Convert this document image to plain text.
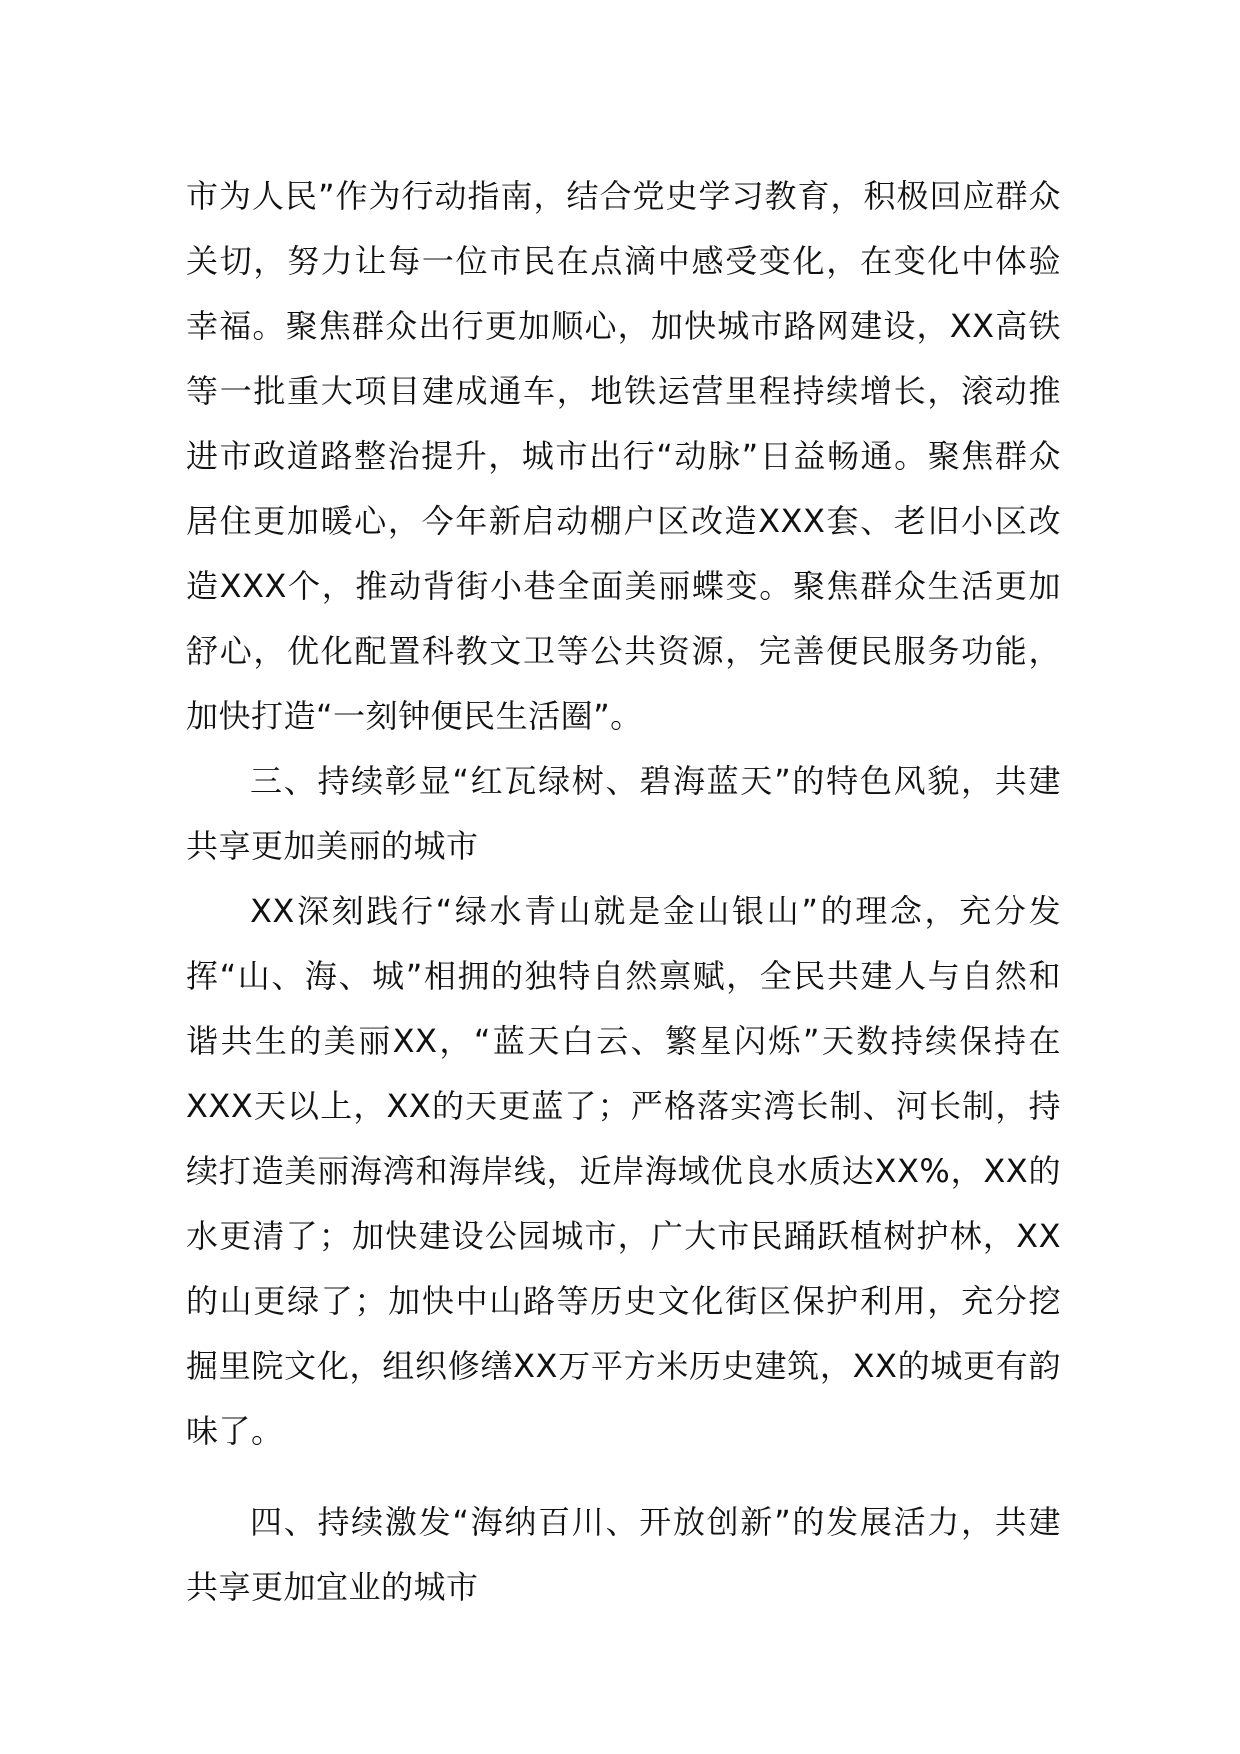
市为人民”作为行动指南，结合党史学习教育，积极回应群众关切，努力让每一位市民在点滴中感受变化，在变化中体验幸福。聚焦群众出行更加顺心，加快城市路网建设，XX高铁等一批重大项目建成通车，地铁运营里程持续增长，滚动推进市政道路整治提升，城市出行“动脉”日益畅通。聚焦群众居住更加暖心，今年新启动棚户区改造XXX套、老旧小区改造XXX个，推动背街小巷全面美丽蝶变。聚焦群众生活更加舒心，优化配置科教文卫等公共资源，完善便民服务功能，加快打造“一刻钟便民生活圈”。

三、持续彰显“红瓦绿树、碧海蓝天”的特色风貌，共建共享更加美丽的城市

XX深刻践行“绿水青山就是金山银山”的理念，充分发挥“山、海、城”相拥的独特自然禀赋，全民共建人与自然和谐共生的美丽XX，“蓝天白云、繁星闪烁”天数持续保持在XXX天以上，XX的天更蓝了；严格落实湾长制、河长制，持续打造美丽海湾和海岸线，近岸海域优良水质达XX%，XX的水更清了；加快建设公园城市，广大市民踊跃植树护林，XX的山更绿了；加快中山路等历史文化街区保护利用，充分挖掘里院文化，组织修缮XX万平方米历史建筑，XX的城更有韵味了。

四、持续激发“海纳百川、开放创新”的发展活力，共建共享更加宜业的城市
